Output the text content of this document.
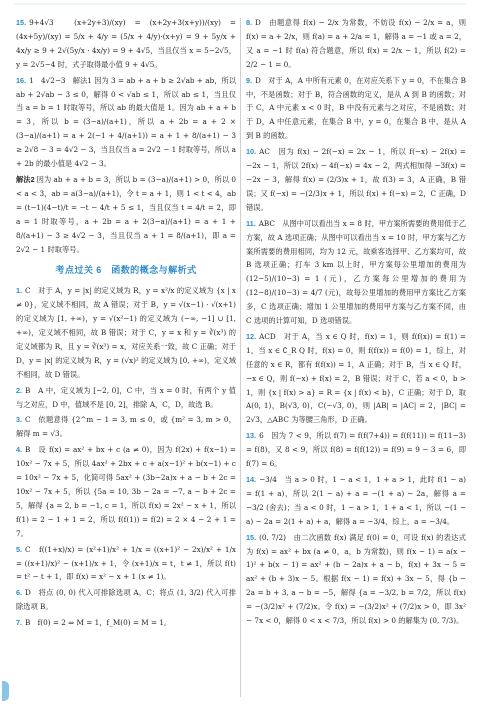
15. 9+4√3　(x+2y+3)/(xy) = (x+2y+3(x+y))/(xy) = (4x+5y)/(xy) = 5/x + 4/y = (5/x + 4/y)·(x+y) = 9 + 5y/x + 4x/y ≥ 9 + 2√(5y/x · 4x/y) = 9 + 4√5，当且仅当 x = 5−2√5，y = 2√5−4 时，式子取得最小值 9 + 4√5。

16. 1　4√2−3　解法1 因为 3 = ab + a + b ≥ 2√ab + ab，所以 ab + 2√ab − 3 ≤ 0，解得 0 < √ab ≤ 1，所以 ab ≤ 1，当且仅当 a = b = 1 时取等号，所以 ab 的最大值是 1。因为 ab + a + b = 3，所以 b = (3−a)/(a+1)，所以 a + 2b = a + 2 × (3−a)/(a+1) = a + 2(−1 + 4/(a+1)) = a + 1 + 8/(a+1) − 3 ≥ 2√8 − 3 = 4√2 − 3，当且仅当 a = 2√2 − 1 时取等号，所以 a + 2b 的最小值是 4√2 − 3。

解法2 因为 ab + a + b = 3，所以 b = (3−a)/(a+1) > 0，所以 0 < a < 3，ab = a(3−a)/(a+1)，令 t = a + 1，则 1 < t < 4，ab = (t−1)(4−t)/t = −t − 4/t + 5 ≤ 1，当且仅当 t = 4/t = 2，即 a = 1 时取等号，a + 2b = a + 2(3−a)/(a+1) = a + 1 + 8/(a+1) − 3 ≥ 4√2 − 3，当且仅当 a + 1 = 8/(a+1)，即 a = 2√2 − 1 时取等号。

考点过关 6　函数的概念与解析式

1. C　对于 A，y = |x| 的定义域为 R，y = x²/x 的定义域为 {x | x ≠ 0}，定义域不相同，故 A 错误；对于 B，y = √(x−1) · √(x+1) 的定义域为 [1, +∞)，y = √(x²−1) 的定义域为 (−∞, −1] ∪ [1, +∞)，定义域不相同，故 B 错误；对于 C，y = x 和 y = ∛(x³) 的定义域都为 R，且 y = ∛(x³) = x，对应关系一致，故 C 正确；对于 D，y = |x| 的定义域为 R，y = (√x)² 的定义域为 [0, +∞)，定义域不相同，故 D 错误。

2. B　A 中，定义域为 [−2, 0]，C 中，当 x = 0 时，有两个 y 值与之对应，D 中，值域不是 [0, 2]，排除 A，C，D，故选 B。

3. C　依题意得 {2^m − 1 = 3, m ≤ 0，或 {m² = 3, m > 0，解得 m = √3。

4. B　设 f(x) = ax² + bx + c (a ≠ 0)，因为 f(2x) + f(x−1) = 10x² − 7x + 5，所以 4ax² + 2bx + c + a(x−1)² + b(x−1) + c = 10x² − 7x + 5，化简可得 5ax² + (3b−2a)x + a − b + 2c = 10x² − 7x + 5，所以 {5a = 10, 3b − 2a = −7, a − b + 2c = 5，解得 {a = 2, b = −1, c = 1，所以 f(x) = 2x² − x + 1，所以 f(1) = 2 − 1 + 1 = 2，所以 f(f(1)) = f(2) = 2 × 4 − 2 + 1 = 7。

5. C　f((1+x)/x) = (x²+1)/x² + 1/x = ((x+1)² − 2x)/x² + 1/x = ((x+1)/x)² − (x+1)/x + 1，令 (x+1)/x = t，t ≠ 1，所以 f(t) = t² − t + 1，即 f(x) = x² − x + 1 (x ≠ 1)。

6. D　将点 (0, 0) 代入可排除选项 A，C；将点 (1, 3/2) 代入可排除选项 B。

7. B　f(0) = 2 ⇒ M = 1，f_M(0) = M = 1。

8. D　由题意得 f(x) − 2/x 为常数，不妨设 f(x) − 2/x = a，则 f(x) = a + 2/x，则 f(a) = a + 2/a = 1，解得 a = −1 或 a = 2，又 a = −1 时 f(a) 符合题意，所以 f(x) = 2/x − 1，所以 f(2) = 2/2 − 1 = 0。

9. D　对于 A，A 中所有元素 0，在对应关系下 y = 0，不在集合 B 中，不是函数；对于 B，符合函数的定义，是从 A 到 B 的函数；对于 C，A 中元素 x < 0 时，B 中没有元素与之对应，不是函数；对于 D，A 中任意元素，在集合 B 中，y = 0，在集合 B 中，是从 A 到 B 的函数。

10. AC　因为 f(x) − 2f(−x) = 2x − 1，所以 f(−x) − 2f(x) = −2x − 1，所以 2f(x) − 4f(−x) = 4x − 2，两式相加得 −3f(x) = −2x − 3，解得 f(x) = (2/3)x + 1，故 f(3) = 3，A 正确，B 错误；又 f(−x) = −(2/3)x + 1，所以 f(x) + f(−x) = 2，C 正确，D 错误。

11. ABC　从图中可以看出当 x = 8 时，甲方案所需要的费用低于乙方案，故 A 选项正确；从图中可以看出当 x = 10 时，甲方案与乙方案所需要的费用相同，均为 12 元，故乘客选择甲、乙方案均可，故 B 选项正确；打车 3 km 以上时，甲方案每公里增加的费用为 (12−5)/(10−3) = 1 (元)，乙方案每公里增加的费用为 (12−8)/(10−3) = 4/7 (元)，故每公里增加的费用甲方案比乙方案多，C 选项正确；增加 1 公里增加的费用甲方案与乙方案不同，由 C 选项的计算可知，D 选项错误。

12. ACD　对于 A，当 x ∈ Q 时，f(x) = 1，则 f(f(x)) = f(1) = 1，当 x ∈ ∁_R Q 时，f(x) = 0，则 f(f(x)) = f(0) = 1，综上，对任意的 x ∈ R，都有 f(f(x)) = 1，A 正确；对于 B，当 x ∈ Q 时，−x ∈ Q，则 f(−x) + f(x) = 2，B 错误；对于 C，若 a < 0，b > 1，则 {x | f(x) > a} = R = {x | f(x) < b}，C 正确；对于 D，取 A(0, 1)，B(√3, 0)，C(−√3, 0)，则 |AB| = |AC| = 2，|BC| = 2√3，△ABC 为等腰三角形，D 正确。

13. 6　因为 7 < 9，所以 f(7) = f(f(7+4)) = f(f(11)) = f(11−3) = f(8)，又 8 < 9，所以 f(8) = f(f(12)) = f(9) = 9 − 3 = 6，即 f(7) = 6。

14. −3/4　当 a > 0 时，1 − a < 1，1 + a > 1，此时 f(1 − a) = f(1 + a)，所以 2(1 − a) + a = −(1 + a) − 2a，解得 a = −3/2 (舍去)；当 a < 0 时，1 − a > 1，1 + a < 1，所以 −(1 − a) − 2a = 2(1 + a) + a，解得 a = −3/4，综上，a = −3/4。

15. (0, 7/2)　由二次函数 f(x) 满足 f(0) = 0，可设 f(x) 的表达式为 f(x) = ax² + bx (a ≠ 0，a，b 为常数)，则 f(x − 1) = a(x − 1)² + b(x − 1) = ax² + (b − 2a)x + a − b，f(x) + 3x − 5 = ax² + (b + 3)x − 5。根据 f(x − 1) = f(x) + 3x − 5，得 {b − 2a = b + 3, a − b = −5，解得 {a = −3/2, b = 7/2，所以 f(x) = −(3/2)x² + (7/2)x。令 f(x) = −(3/2)x² + (7/2)x > 0，即 3x² − 7x < 0，解得 0 < x < 7/3，所以 f(x) > 0 的解集为 (0, 7/3)。
